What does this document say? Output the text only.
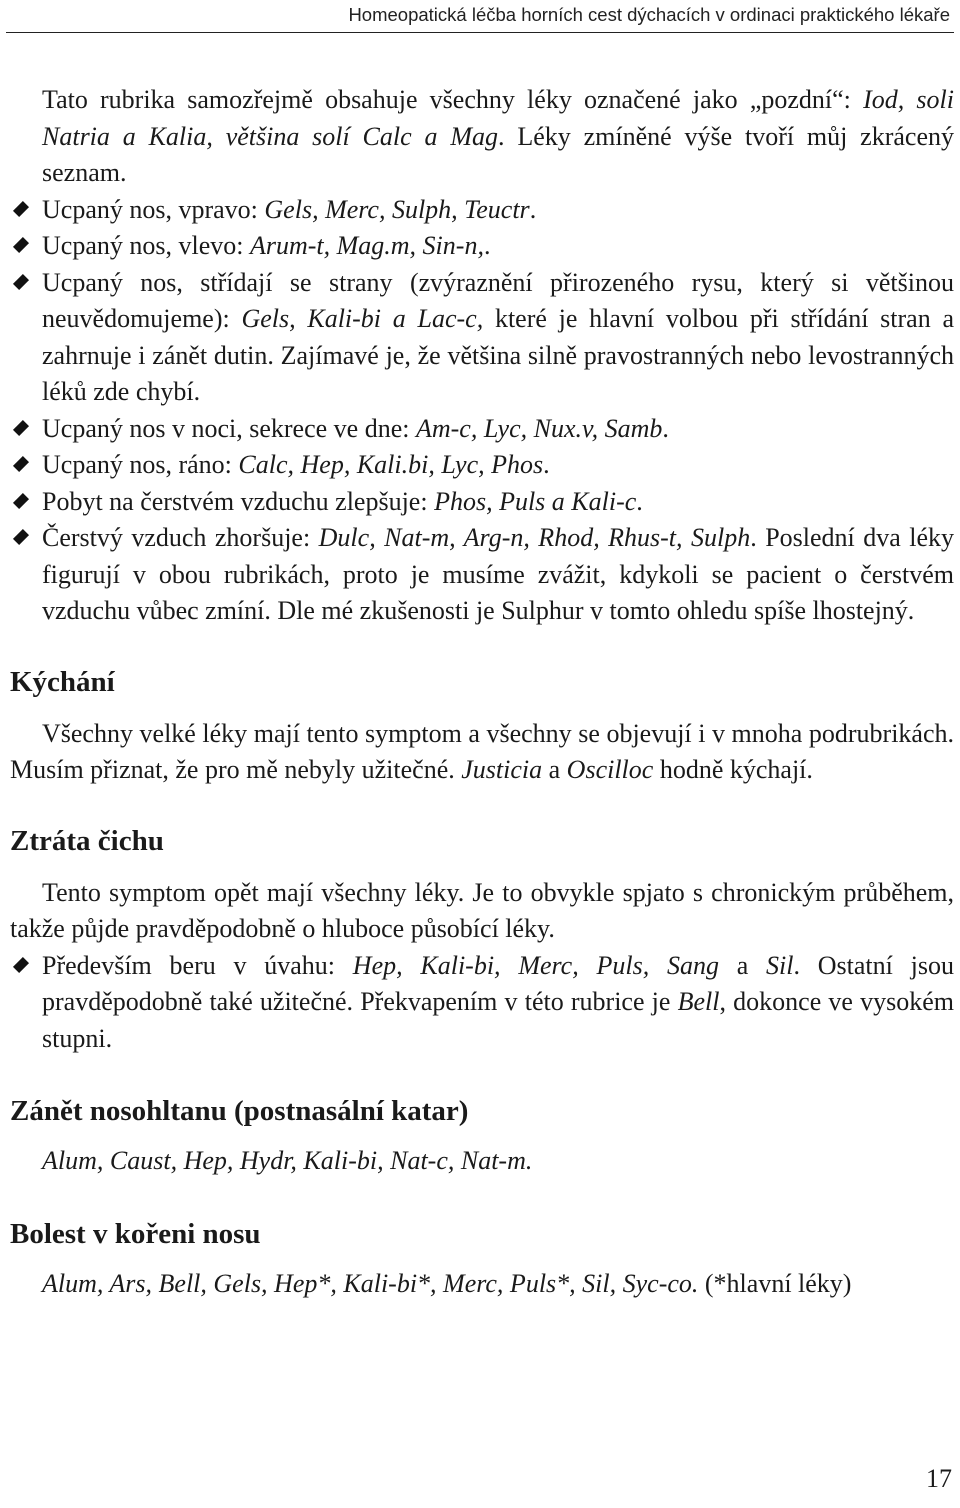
Homeopatická léčba horních cest dýchacích v ordinaci praktického lékaře

Tato rubrika samozřejmě obsahuje všechny léky označené jako „pozdní“: Iod, soli Natria a Kalia, většina solí Calc a Mag. Léky zmíněné výše tvoří můj zkrácený seznam.

Ucpaný nos, vpravo: Gels, Merc, Sulph, Teuctr.

Ucpaný nos, vlevo: Arum-t, Mag.m, Sin-n,.

Ucpaný nos, střídají se strany (zvýraznění přirozeného rysu, který si většinou neuvědomujeme): Gels, Kali-bi a Lac-c, které je hlavní volbou při střídání stran a zahrnuje i zánět dutin. Zajímavé je, že většina silně pravostranných nebo levostranných léků zde chybí.

Ucpaný nos v noci, sekrece ve dne: Am-c, Lyc, Nux.v, Samb.

Ucpaný nos, ráno: Calc, Hep, Kali.bi, Lyc, Phos.

Pobyt na čerstvém vzduchu zlepšuje: Phos, Puls a Kali-c.

Čerstvý vzduch zhoršuje: Dulc, Nat-m, Arg-n, Rhod, Rhus-t, Sulph. Poslední dva léky figurují v obou rubrikách, proto je musíme zvážit, kdykoli se pacient o čerstvém vzduchu vůbec zmíní. Dle mé zkušenosti je Sulphur v tomto ohledu spíše lhostejný.

Kýchání

Všechny velké léky mají tento symptom a všechny se objevují i v mnoha podrubrikách. Musím přiznat, že pro mě nebyly užitečné. Justicia a Oscilloc hodně kýchají.

Ztráta čichu

Tento symptom opět mají všechny léky. Je to obvykle spjato s chronickým průběhem, takže půjde pravděpodobně o hlubоce působící léky.

Především beru v úvahu: Hep, Kali-bi, Merc, Puls, Sang a Sil. Ostatní jsou pravděpodobně také užitečné. Překvapením v této rubrice je Bell, dokonce ve vysokém stupni.

Zánět nosohltanu (postnasální katar)

Alum, Caust, Hep, Hydr, Kali-bi, Nat-c, Nat-m.

Bolest v kořeni nosu

Alum, Ars, Bell, Gels, Hep*, Kali-bi*, Merc, Puls*, Sil, Syc-co. (*hlavní léky)

17
